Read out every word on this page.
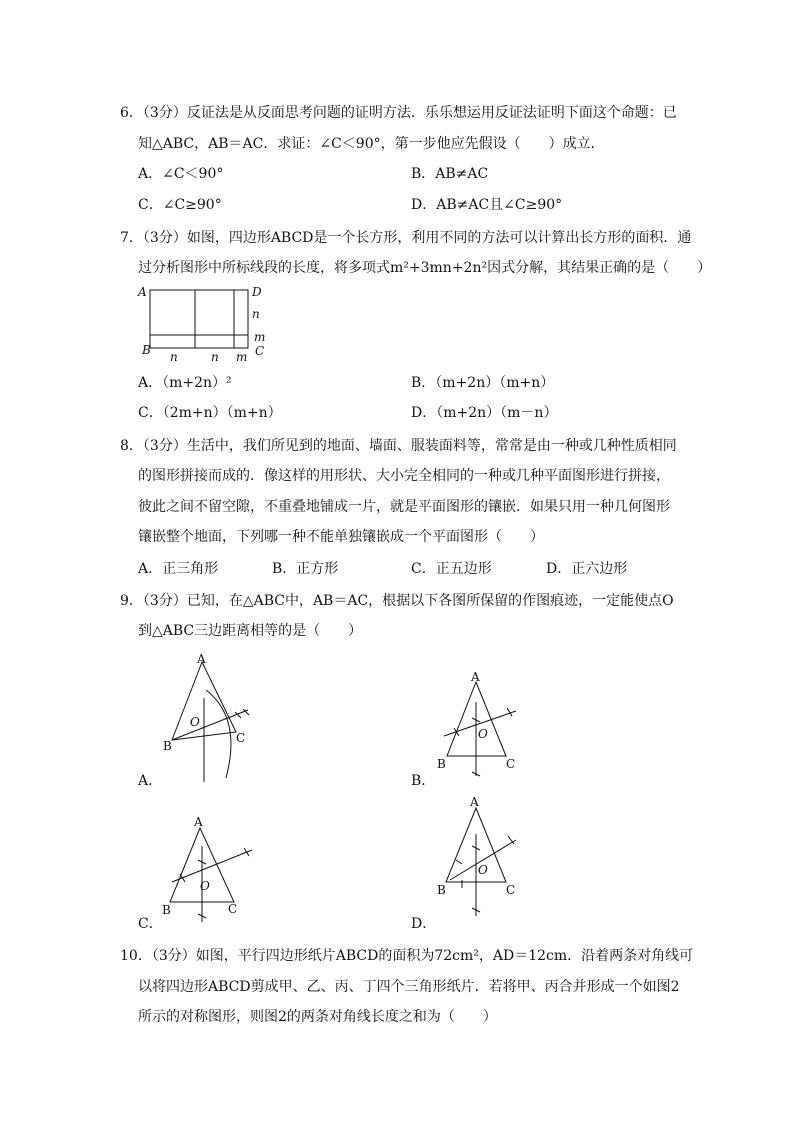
6．（3分）反证法是从反面思考问题的证明方法．乐乐想运用反证法证明下面这个命题：已
知△ABC，AB＝AC．求证：∠C＜90°，第一步他应先假设（　　）成立．
A．∠C＜90°	B．AB≠AC
C．∠C≥90°	D．AB≠AC且∠C≥90°
7．（3分）如图，四边形ABCD是一个长方形，利用不同的方法可以计算出长方形的面积．通
过分析图形中所标线段的长度，将多项式m²+3mn+2n²因式分解，其结果正确的是（　　）
A	D
n
m
B	C
n	n m
A．（m+2n）²	B．（m+2n）（m+n）
C．（2m+n）（m+n）	D．（m+2n）（m－n）
8．（3分）生活中，我们所见到的地面、墙面、服装面料等，常常是由一种或几种性质相同
的图形拼接而成的．像这样的用形状、大小完全相同的一种或几种平面图形进行拼接，
彼此之间不留空隙，不重叠地铺成一片，就是平面图形的镶嵌．如果只用一种几何图形
镶嵌整个地面，下列哪一种不能单独镶嵌成一个平面图形（　　）
A．正三角形	B．正方形	C．正五边形	D．正六边形
9．（3分）已知，在△ABC中，AB＝AC，根据以下各图所保留的作图痕迹，一定能使点O
到△ABC三边距离相等的是（　　）
A
B
C
O
A．
A
B	C
O
B．
A
B	C
O
C．
A
B	C
O
D．
10．（3分）如图，平行四边形纸片ABCD的面积为72cm²，AD＝12cm．沿着两条对角线可
以将四边形ABCD剪成甲、乙、丙、丁四个三角形纸片．若将甲、丙合并形成一个如图2
所示的对称图形，则图2的两条对角线长度之和为（　　）
